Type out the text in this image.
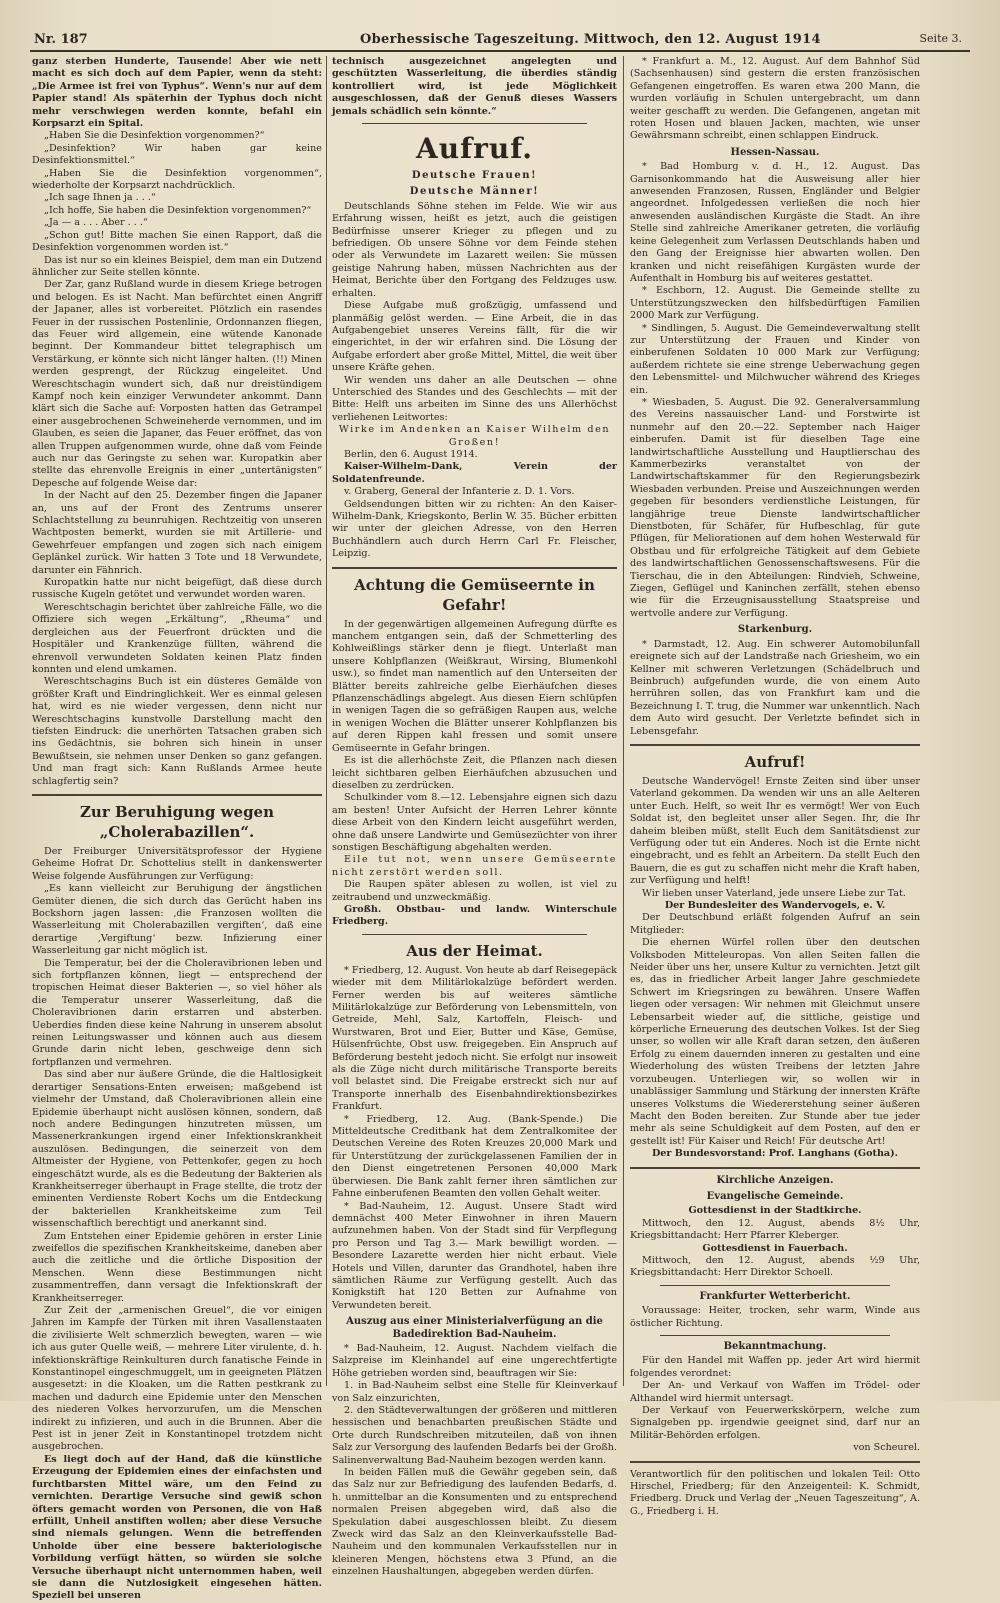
Nr. 187	Oberhessische Tageszeitung. Mittwoch, den 12. August 1914	Seite 3.

ganz sterben Hunderte, Tausende! Aber wie nett macht es sich doch auf dem Papier, wenn da steht: „Die Armee ist frei von Typhus“. Wenn's nur auf dem Papier stand! Als späterhin der Typhus doch nicht mehr verschwiegen werden konnte, befahl ein Korpsarzt ein Spital.

„Haben Sie die Desinfektion vorgenommen?“

„Desinfektion? Wir haben gar keine Desinfektionsmittel.“

„Haben Sie die Desinfektion vorgenommen“, wiederholte der Korpsarzt nachdrücklich.

„Ich sage Ihnen ja . . .“

„Ich hoffe, Sie haben die Desinfektion vorgenommen?“

„Ja — a . . . Aber . . .“

„Schon gut! Bitte machen Sie einen Rapport, daß die Desinfektion vorgenommen worden ist.“

Das ist nur so ein kleines Beispiel, dem man ein Dutzend ähnlicher zur Seite stellen könnte.

Der Zar, ganz Rußland wurde in diesem Kriege betrogen und belogen. Es ist Nacht. Man befürchtet einen Angriff der Japaner, alles ist vorbereitet. Plötzlich ein rasendes Feuer in der russischen Postenlinie, Ordonnanzen fliegen, das Feuer wird allgemein, eine wütende Kanonade beginnt. Der Kommandeur bittet telegraphisch um Verstärkung, er könnte sich nicht länger halten. (!!) Minen werden gesprengt, der Rückzug eingeleitet. Und Wereschtschagin wundert sich, daß nur dreistündigem Kampf noch kein einziger Verwundeter ankommt. Dann klärt sich die Sache auf: Vorposten hatten das Getrampel einer ausgebrochenen Schweineherde vernommen, und im Glauben, es seien die Japaner, das Feuer eröffnet, das von allen Truppen aufgenommen wurde, ohne daß vom Feinde auch nur das Geringste zu sehen war. Kuropatkin aber stellte das ehrenvolle Ereignis in einer „untertänigsten“ Depesche auf folgende Weise dar:

In der Nacht auf den 25. Dezember fingen die Japaner an, uns auf der Front des Zentrums unserer Schlachtstellung zu beunruhigen. Rechtzeitig von unseren Wachtposten bemerkt, wurden sie mit Artillerie- und Gewehrfeuer empfangen und zogen sich nach einigem Geplänkel zurück. Wir hatten 3 Tote und 18 Verwundete, darunter ein Fähnrich.

Kuropatkin hatte nur nicht beigefügt, daß diese durch russische Kugeln getötet und verwundet worden waren.

Wereschtschagin berichtet über zahlreiche Fälle, wo die Offiziere sich wegen „Erkältung“, „Rheuma“ und dergleichen aus der Feuerfront drückten und die Hospitäler und Krankenzüge füllten, während die ehrenvoll verwundeten Soldaten keinen Platz finden konnten und elend umkamen.

Wereschtschagins Buch ist ein düsteres Gemälde von größter Kraft und Eindringlichkeit. Wer es einmal gelesen hat, wird es nie wieder vergessen, denn nicht nur Wereschtschagins kunstvolle Darstellung macht den tiefsten Eindruck: die unerhörten Tatsachen graben sich ins Gedächtnis, sie bohren sich hinein in unser Bewußtsein, sie nehmen unser Denken so ganz gefangen. Und man fragt sich: Kann Rußlands Armee heute schlagfertig sein?

Zur Beruhigung wegen „Cholerabazillen“.

Der Freiburger Universitätsprofessor der Hygiene Geheime Hofrat Dr. Schottelius stellt in dankenswerter Weise folgende Ausführungen zur Verfügung:

„Es kann vielleicht zur Beruhigung der ängstlichen Gemüter dienen, die sich durch das Gerücht haben ins Bockshorn jagen lassen: ‚die Franzosen wollten die Wasserleitung mit Cholerabazillen vergiften‘, daß eine derartige ‚Vergiftung‘ bezw. Infizierung einer Wasserleitung gar nicht möglich ist.

Die Temperatur, bei der die Choleravibrionen leben und sich fortpflanzen können, liegt — entsprechend der tropischen Heimat dieser Bakterien —, so viel höher als die Temperatur unserer Wasserleitung, daß die Choleravibrionen darin erstarren und absterben. Ueberdies finden diese keine Nahrung in unserem absolut reinen Leitungswasser und können auch aus diesem Grunde darin nicht leben, geschweige denn sich fortpflanzen und vermehren.

Das sind aber nur äußere Gründe, die die Haltlosigkeit derartiger Sensations-Enten erweisen; maßgebend ist vielmehr der Umstand, daß Choleravibrionen allein eine Epidemie überhaupt nicht auslösen können, sondern, daß noch andere Bedingungen hinzutreten müssen, um Massenerkrankungen irgend einer Infektionskrankheit auszulösen. Bedingungen, die seinerzeit von dem Altmeister der Hygiene, von Pettenkofer, gegen zu hoch eingeschätzt wurde, als es die Bedeutung der Bakterien als Krankheitserreger überhaupt in Frage stellte, die trotz der eminenten Verdienste Robert Kochs um die Entdeckung der bakteriellen Krankheitskeime zum Teil wissenschaftlich berechtigt und anerkannt sind.

Zum Entstehen einer Epidemie gehören in erster Linie zweifellos die spezifischen Krankheitskeime, daneben aber auch die zeitliche und die örtliche Disposition der Menschen. Wenn diese Bestimmungen nicht zusammentreffen, dann versagt die Infektionskraft der Krankheitserreger.

Zur Zeit der „armenischen Greuel“, die vor einigen Jahren im Kampfe der Türken mit ihren Vasallenstaaten die zivilisierte Welt schmerzlich bewegten, waren — wie ich aus guter Quelle weiß, — mehrere Liter virulente, d. h. infektionskräftige Reinkulturen durch fanatische Feinde in Konstantinopel eingeschmuggelt, um in geeigneten Plätzen ausgesetzt: in die Kloaken, um die Ratten pestkrank zu machen und dadurch eine Epidemie unter den Menschen des niederen Volkes hervorzurufen, um die Menschen indirekt zu infizieren, und auch in die Brunnen. Aber die Pest ist in jener Zeit in Konstantinopel trotzdem nicht ausgebrochen.

Es liegt doch auf der Hand, daß die künstliche Erzeugung der Epidemien eines der einfachsten und furchtbarsten Mittel wäre, um den Feind zu vernichten. Derartige Versuche sind gewiß schon öfters gemacht worden von Personen, die von Haß erfüllt, Unheil anstiften wollen; aber diese Versuche sind niemals gelungen. Wenn die betreffenden Unholde über eine bessere bakteriologische Vorbildung verfügt hätten, so würden sie solche Versuche überhaupt nicht unternommen haben, weil sie dann die Nutzlosigkeit eingesehen hätten. Speziell bei unseren

technisch ausgezeichnet angelegten und geschützten Wasserleitung, die überdies ständig kontrolliert wird, ist jede Möglichkeit ausgeschlossen, daß der Genuß dieses Wassers jemals schädlich sein könnte.“

Aufruf.
Deutsche Frauen!
Deutsche Männer!

Deutschlands Söhne stehen im Felde. Wie wir aus Erfahrung wissen, heißt es jetzt, auch die geistigen Bedürfnisse unserer Krieger zu pflegen und zu befriedigen. Ob unsere Söhne vor dem Feinde stehen oder als Verwundete im Lazarett weilen: Sie müssen geistige Nahrung haben, müssen Nachrichten aus der Heimat, Berichte über den Fortgang des Feldzuges usw. erhalten.

Diese Aufgabe muß großzügig, umfassend und planmäßig gelöst werden. — Eine Arbeit, die in das Aufgabengebiet unseres Vereins fällt, für die wir eingerichtet, in der wir erfahren sind. Die Lösung der Aufgabe erfordert aber große Mittel, Mittel, die weit über unsere Kräfte gehen.

Wir wenden uns daher an alle Deutschen — ohne Unterschied des Standes und des Geschlechts — mit der Bitte: Helft uns arbeiten im Sinne des uns Allerhöchst verliehenen Leitwortes:

Wirke im Andenken an Kaiser Wilhelm den Großen!

Berlin, den 6. August 1914.

Kaiser-Wilhelm-Dank, Verein der Soldatenfreunde.

v. Graberg, General der Infanterie z. D. 1. Vors.

Geldsendungen bitten wir zu richten: An den Kaiser-Wilhelm-Dank, Kriegskonto, Berlin W. 35. Bücher erbitten wir unter der gleichen Adresse, von den Herren Buchhändlern auch durch Herrn Carl Fr. Fleischer, Leipzig.

Achtung die Gemüseernte in Gefahr!

In der gegenwärtigen allgemeinen Aufregung dürfte es manchem entgangen sein, daß der Schmetterling des Kohlweißlings stärker denn je fliegt. Unterlaßt man unsere Kohlpflanzen (Weißkraut, Wirsing, Blumenkohl usw.), so findet man namentlich auf den Unterseiten der Blätter bereits zahlreiche gelbe Eierhäufchen dieses Pflanzenschädlings abgelegt. Aus diesen Eiern schlüpfen in wenigen Tagen die so gefräßigen Raupen aus, welche in wenigen Wochen die Blätter unserer Kohlpflanzen bis auf deren Rippen kahl fressen und somit unsere Gemüseernte in Gefahr bringen.

Es ist die allerhöchste Zeit, die Pflanzen nach diesen leicht sichtbaren gelben Eierhäufchen abzusuchen und dieselben zu zerdrücken.

Schulkinder vom 8.—12. Lebensjahre eignen sich dazu am besten! Unter Aufsicht der Herren Lehrer könnte diese Arbeit von den Kindern leicht ausgeführt werden, ohne daß unsere Landwirte und Gemüsezüchter von ihrer sonstigen Beschäftigung abgehalten werden.

Eile tut not, wenn unsere Gemüseernte nicht zerstört werden soll.

Die Raupen später ablesen zu wollen, ist viel zu zeitraubend und unzweckmäßig.

Großh. Obstbau- und landw. Winterschule Friedberg.

Aus der Heimat.

* Friedberg, 12. August. Von heute ab darf Reisegepäck wieder mit dem Militärlokalzüge befördert werden. Ferner werden bis auf weiteres sämtliche Militärlokalzüge zur Beförderung von Lebensmitteln, von Getreide, Mehl, Salz, Kartoffeln, Fleisch- und Wurstwaren, Brot und Eier, Butter und Käse, Gemüse, Hülsenfrüchte, Obst usw. freigegeben. Ein Anspruch auf Beförderung besteht jedoch nicht. Sie erfolgt nur insoweit als die Züge nicht durch militärische Transporte bereits voll belastet sind. Die Freigabe erstreckt sich nur auf Transporte innerhalb des Eisenbahndirektionsbezirkes Frankfurt.

* Friedberg, 12. Aug. (Bank-Spende.) Die Mitteldeutsche Creditbank hat dem Zentralkomitee der Deutschen Vereine des Roten Kreuzes 20,000 Mark und für Unterstützung der zurückgelassenen Familien der in den Dienst eingetretenen Personen 40,000 Mark überwiesen. Die Bank zahlt ferner ihren sämtlichen zur Fahne einberufenen Beamten den vollen Gehalt weiter.

* Bad-Nauheim, 12. August. Unsere Stadt wird demnächst 400 Meter Einwohner in ihren Mauern aufzunehmen haben. Von der Stadt sind für Verpflegung pro Person und Tag 3.— Mark bewilligt worden. — Besondere Lazarette werden hier nicht erbaut. Viele Hotels und Villen, darunter das Grandhotel, haben ihre sämtlichen Räume zur Verfügung gestellt. Auch das Konigkstift hat 120 Betten zur Aufnahme von Verwundeten bereit.

Auszug aus einer Ministerialverfügung an die Badedirektion Bad-Nauheim.

* Bad-Nauheim, 12. August. Nachdem vielfach die Salzpreise im Kleinhandel auf eine ungerechtfertigte Höhe getrieben worden sind, beauftragen wir Sie:

1. in Bad-Nauheim selbst eine Stelle für Kleinverkauf von Salz einzurichten,

2. den Städteverwaltungen der größeren und mittleren hessischen und benachbarten preußischen Städte und Orte durch Rundschreiben mitzuteilen, daß von ihnen Salz zur Versorgung des laufenden Bedarfs bei der Großh. Salinenverwaltung Bad-Nauheim bezogen werden kann.

In beiden Fällen muß die Gewähr gegeben sein, daß das Salz nur zur Befriedigung des laufenden Bedarfs, d. h. unmittelbar an die Konsumenten und zu entsprechend normalen Preisen abgegeben wird, daß also die Spekulation dabei ausgeschlossen bleibt. Zu diesem Zweck wird das Salz an den Kleinverkaufsstelle Bad-Nauheim und den kommunalen Verkaufsstellen nur in kleineren Mengen, höchstens etwa 3 Pfund, an die einzelnen Haushaltungen, abgegeben werden dürfen.

* Frankfurt a. M., 12. August. Auf dem Bahnhof Süd (Sachsenhausen) sind gestern die ersten französischen Gefangenen eingetroffen. Es waren etwa 200 Mann, die wurden vorläufig in Schulen untergebracht, um dann weiter geschafft zu werden. Die Gefangenen, angetan mit roten Hosen und blauen Jacken, machten, wie unser Gewährsmann schreibt, einen schlappen Eindruck.

Hessen-Nassau.

* Bad Homburg v. d. H., 12. August. Das Garnisonkommando hat die Ausweisung aller hier anwesenden Franzosen, Russen, Engländer und Belgier angeordnet. Infolgedessen verließen die noch hier anwesenden ausländischen Kurgäste die Stadt. An ihre Stelle sind zahlreiche Amerikaner getreten, die vorläufig keine Gelegenheit zum Verlassen Deutschlands haben und den Gang der Ereignisse hier abwarten wollen. Den kranken und nicht reisefähigen Kurgästen wurde der Aufenthalt in Homburg bis auf weiteres gestattet.

* Eschborn, 12. August. Die Gemeinde stellte zu Unterstützungszwecken den hilfsbedürftigen Familien 2000 Mark zur Verfügung.

* Sindlingen, 5. August. Die Gemeindeverwaltung stellt zur Unterstützung der Frauen und Kinder von einberufenen Soldaten 10 000 Mark zur Verfügung; außerdem richtete sie eine strenge Ueberwachung gegen den Lebensmittel- und Milchwucher während des Krieges ein.

* Wiesbaden, 5. August. Die 92. Generalversammlung des Vereins nassauischer Land- und Forstwirte ist nunmehr auf den 20.—22. September nach Haiger einberufen. Damit ist für dieselben Tage eine landwirtschaftliche Ausstellung und Hauptlierschau des Kammerbezirks veranstaltet von der Landwirtschaftskammer für den Regierungsbezirk Wiesbaden verbunden. Preise und Auszeichnungen werden gegeben für besonders verdienstliche Leistungen, für langjährige treue Dienste landwirtschaftlicher Dienstboten, für Schäfer, für Hufbeschlag, für gute Pflügen, für Meliorationen auf dem hohen Westerwald für Obstbau und für erfolgreiche Tätigkeit auf dem Gebiete des landwirtschaftlichen Genossenschaftswesens. Für die Tierschau, die in den Abteilungen: Rindvieh, Schweine, Ziegen, Geflügel und Kaninchen zerfällt, stehen ebenso wie für die Erzeugnisausstellung Staatspreise und wertvolle andere zur Verfügung.

Starkenburg.

* Darmstadt, 12. Aug. Ein schwerer Automobilunfall ereignete sich auf der Landstraße nach Griesheim, wo ein Kellner mit schweren Verletzungen (Schädelbruch und Beinbruch) aufgefunden wurde, die von einem Auto herrühren sollen, das von Frankfurt kam und die Bezeichnung I. T. trug, die Nummer war unkenntlich. Nach dem Auto wird gesucht. Der Verletzte befindet sich in Lebensgefahr.

Aufruf!

Deutsche Wandervögel! Ernste Zeiten sind über unser Vaterland gekommen. Da wenden wir uns an alle Aelteren unter Euch. Helft, so weit Ihr es vermögt! Wer von Euch Soldat ist, den begleitet unser aller Segen. Ihr, die Ihr daheim bleiben müßt, stellt Euch dem Sanitätsdienst zur Verfügung oder tut ein Anderes. Noch ist die Ernte nicht eingebracht, und es fehlt an Arbeitern. Da stellt Euch den Bauern, die es gut zu schaffen nicht mehr die Kraft haben, zur Verfügung und helft!

Wir lieben unser Vaterland, jede unsere Liebe zur Tat.

Der Bundesleiter des Wandervogels, e. V.

Der Deutschbund erläßt folgenden Aufruf an sein Mitglieder:

Die ehernen Würfel rollen über den deutschen Volksboden Mitteleuropas. Von allen Seiten fallen die Neider über uns her, unsere Kultur zu vernichten. Jetzt gilt es, das in friedlicher Arbeit langer Jahre geschmiedete Schwert im Kriegsringen zu bewähren. Unsere Waffen liegen oder versagen: Wir nehmen mit Gleichmut unsere Lebensarbeit wieder auf, die sittliche, geistige und körperliche Erneuerung des deutschen Volkes. Ist der Sieg unser, so wollen wir alle Kraft daran setzen, den äußeren Erfolg zu einem dauernden inneren zu gestalten und eine Wiederholung des wüsten Treibens der letzten Jahre vorzubeugen. Unterliegen wir, so wollen wir in unablässiger Sammlung und Stärkung der innersten Kräfte unseres Volkstums die Wiedererstehung seiner äußeren Macht den Boden bereiten. Zur Stunde aber tue jeder mehr als seine Schuldigkeit auf dem Posten, auf den er gestellt ist! Für Kaiser und Reich! Für deutsche Art!

Der Bundesvorstand: Prof. Langhans (Gotha).

Kirchliche Anzeigen.
Evangelische Gemeinde.

Gottesdienst in der Stadtkirche.

Mittwoch, den 12. August, abends 8½ Uhr, Kriegsbittandacht: Herr Pfarrer Kleberger.

Gottesdienst in Fauerbach.

Mittwoch, den 12. August, abends ½9 Uhr, Kriegsbittandacht: Herr Direktor Schoell.

Frankfurter Wetterbericht.

Voraussage: Heiter, trocken, sehr warm, Winde aus östlicher Richtung.

Bekanntmachung.

Für den Handel mit Waffen pp. jeder Art wird hiermit folgendes verordnet:

Der An- und Verkauf von Waffen im Trödel- oder Althandel wird hiermit untersagt.

Der Verkauf von Feuerwerkskörpern, welche zum Signalgeben pp. irgendwie geeignet sind, darf nur an Militär-Behörden erfolgen.

von Scheurel.

Verantwortlich für den politischen und lokalen Teil: Otto Hirschel, Friedberg; für den Anzeigenteil: K. Schmidt, Friedberg. Druck und Verlag der „Neuen Tageszeitung“, A. G., Friedberg i. H.
